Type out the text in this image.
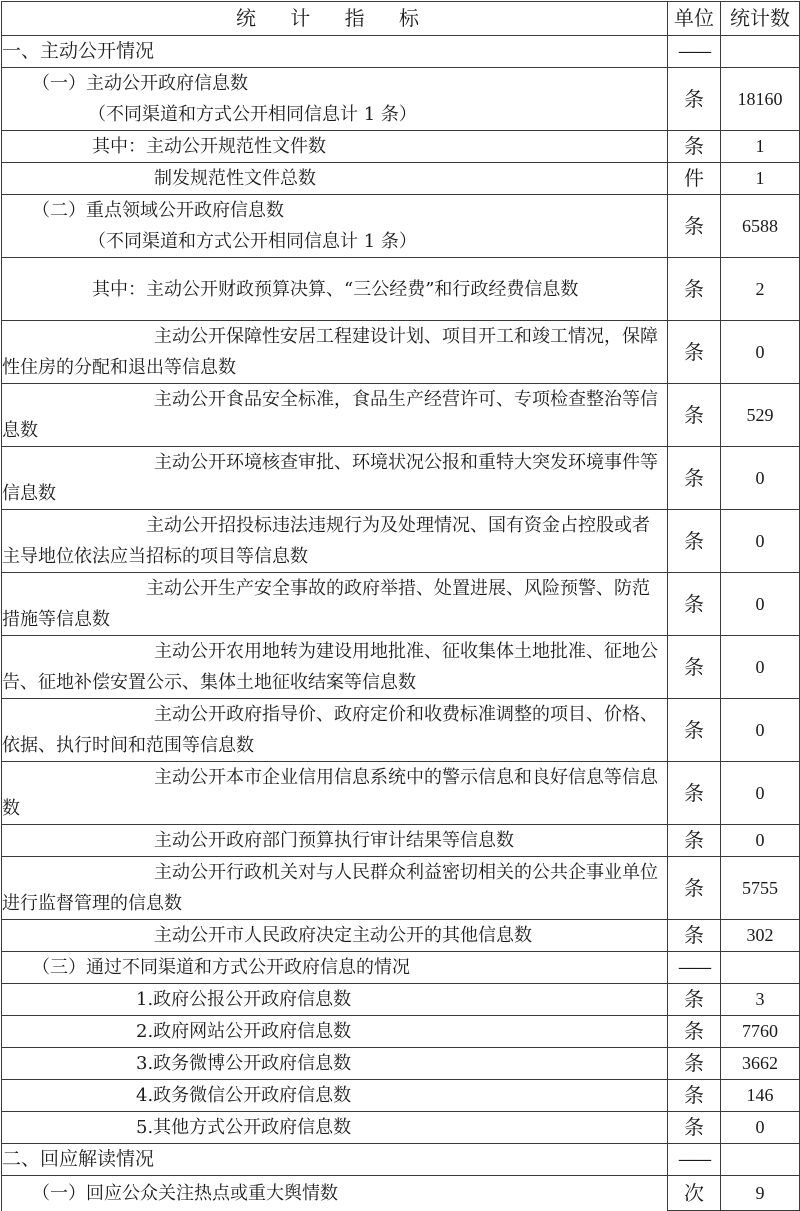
统 计 指 标	单位	统计数
一、主动公开情况	——	

（一）主动公开政府信息数
（不同渠道和方式公开相同信息计 1 条）	条	18160
其中：主动公开规范性文件数	条	1
制发规范性文件总数	件	1

（二）重点领域公开政府信息数
（不同渠道和方式公开相同信息计 1 条）	条	6588
其中：主动公开财政预算决算、“三公经费”和行政经费信息数	条	2
主动公开保障性安居工程建设计划、项目开工和竣工情况，保障性住房的分配和退出等信息数	条	0
主动公开食品安全标准，食品生产经营许可、专项检查整治等信息数	条	529
主动公开环境核查审批、环境状况公报和重特大突发环境事件等信息数	条	0
主动公开招投标违法违规行为及处理情况、国有资金占控股或者主导地位依法应当招标的项目等信息数	条	0
主动公开生产安全事故的政府举措、处置进展、风险预警、防范措施等信息数	条	0
主动公开农用地转为建设用地批准、征收集体土地批准、征地公告、征地补偿安置公示、集体土地征收结案等信息数	条	0
主动公开政府指导价、政府定价和收费标准调整的项目、价格、依据、执行时间和范围等信息数	条	0
主动公开本市企业信用信息系统中的警示信息和良好信息等信息数	条	0
主动公开政府部门预算执行审计结果等信息数	条	0
主动公开行政机关对与人民群众利益密切相关的公共企事业单位进行监督管理的信息数	条	5755
主动公开市人民政府决定主动公开的其他信息数	条	302
（三）通过不同渠道和方式公开政府信息的情况	——	
1.政府公报公开政府信息数	条	3
2.政府网站公开政府信息数	条	7760
3.政务微博公开政府信息数	条	3662
4.政务微信公开政府信息数	条	146
5.其他方式公开政府信息数	条	0
二、回应解读情况	——	
（一）回应公众关注热点或重大舆情数	次	9
